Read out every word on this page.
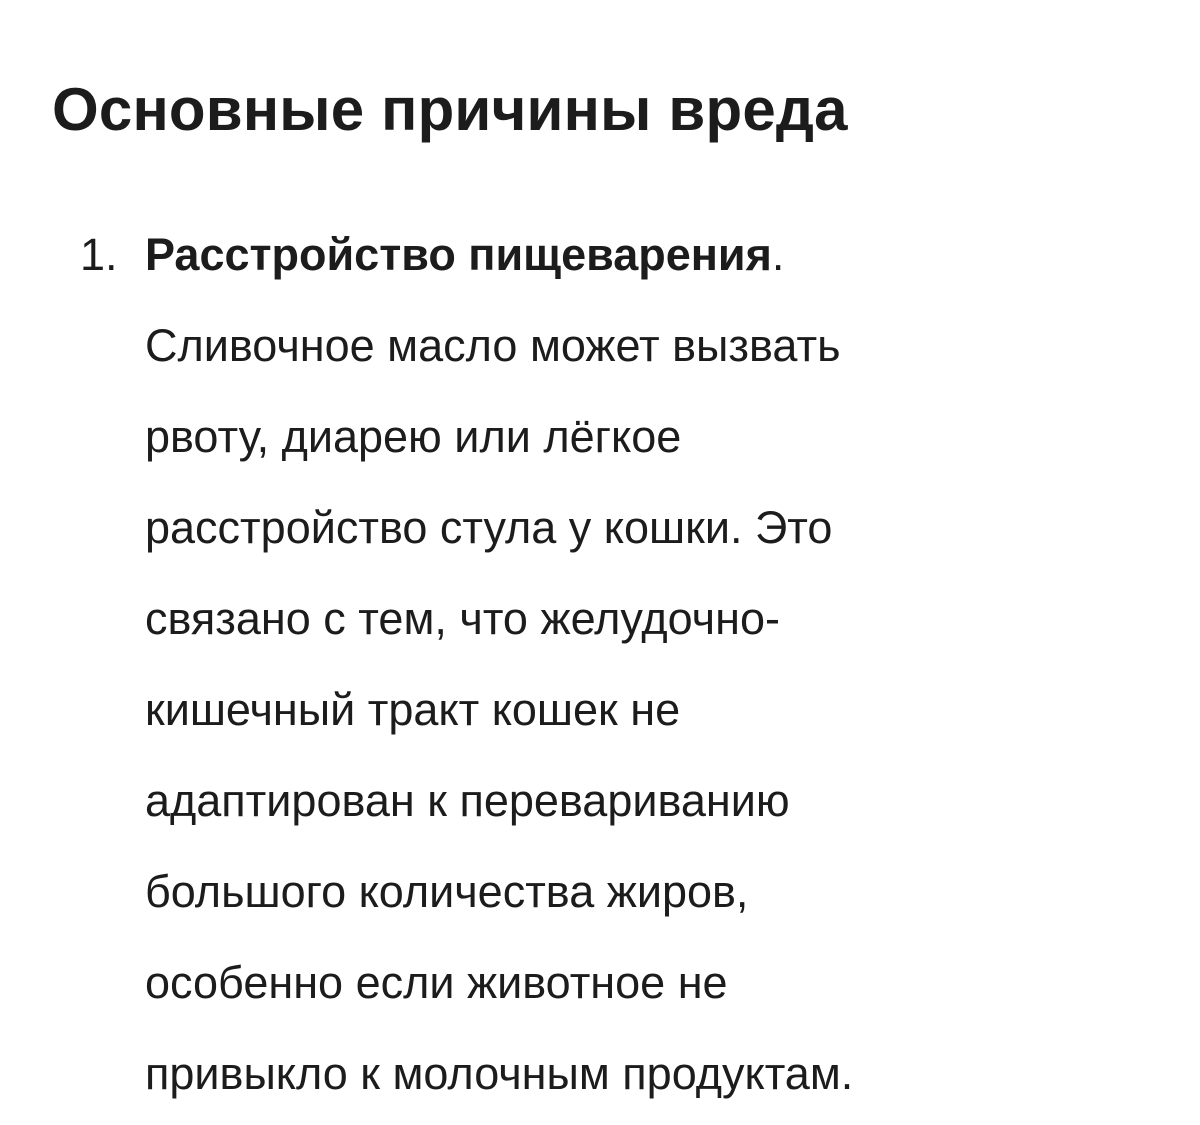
Основные причины вреда
1. Расстройство пищеварения.
Сливочное масло может вызвать
рвоту, диарею или лёгкое
расстройство стула у кошки. Это
связано с тем, что желудочно-
кишечный тракт кошек не
адаптирован к перевариванию
большого количества жиров,
особенно если животное не
привыкло к молочным продуктам.
